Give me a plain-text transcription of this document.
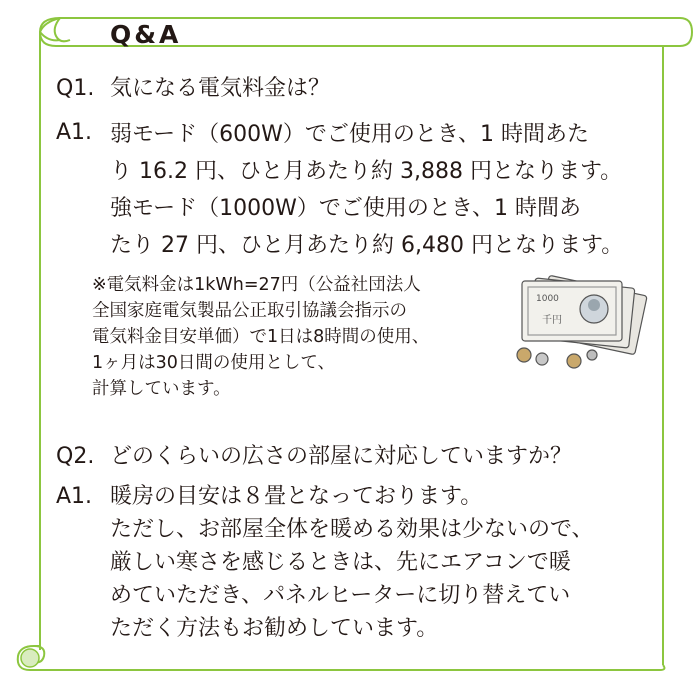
Q&A
Q1. 気になる電気料金は？
A1. 弱モード（600W）でご使用のとき、1 時間あた
り 16.2 円、ひと月あたり約 3,888 円となります。
強モード（1000W）でご使用のとき、1 時間あ
たり 27 円、ひと月あたり約 6,480 円となります。
※電気料金は1kWh=27円（公益社団法人
全国家庭電気製品公正取引協議会指示の
電気料金目安単価）で1日は8時間の使用、
1ヶ月は30日間の使用として、
計算しています。
1000
千円
Q2. どのくらいの広さの部屋に対応していますか？
A1. 暖房の目安は８畳となっております。
ただし、お部屋全体を暖める効果は少ないので、
厳しい寒さを感じるときは、先にエアコンで暖
めていただき、パネルヒーターに切り替えてい
ただく方法もお勧めしています。
